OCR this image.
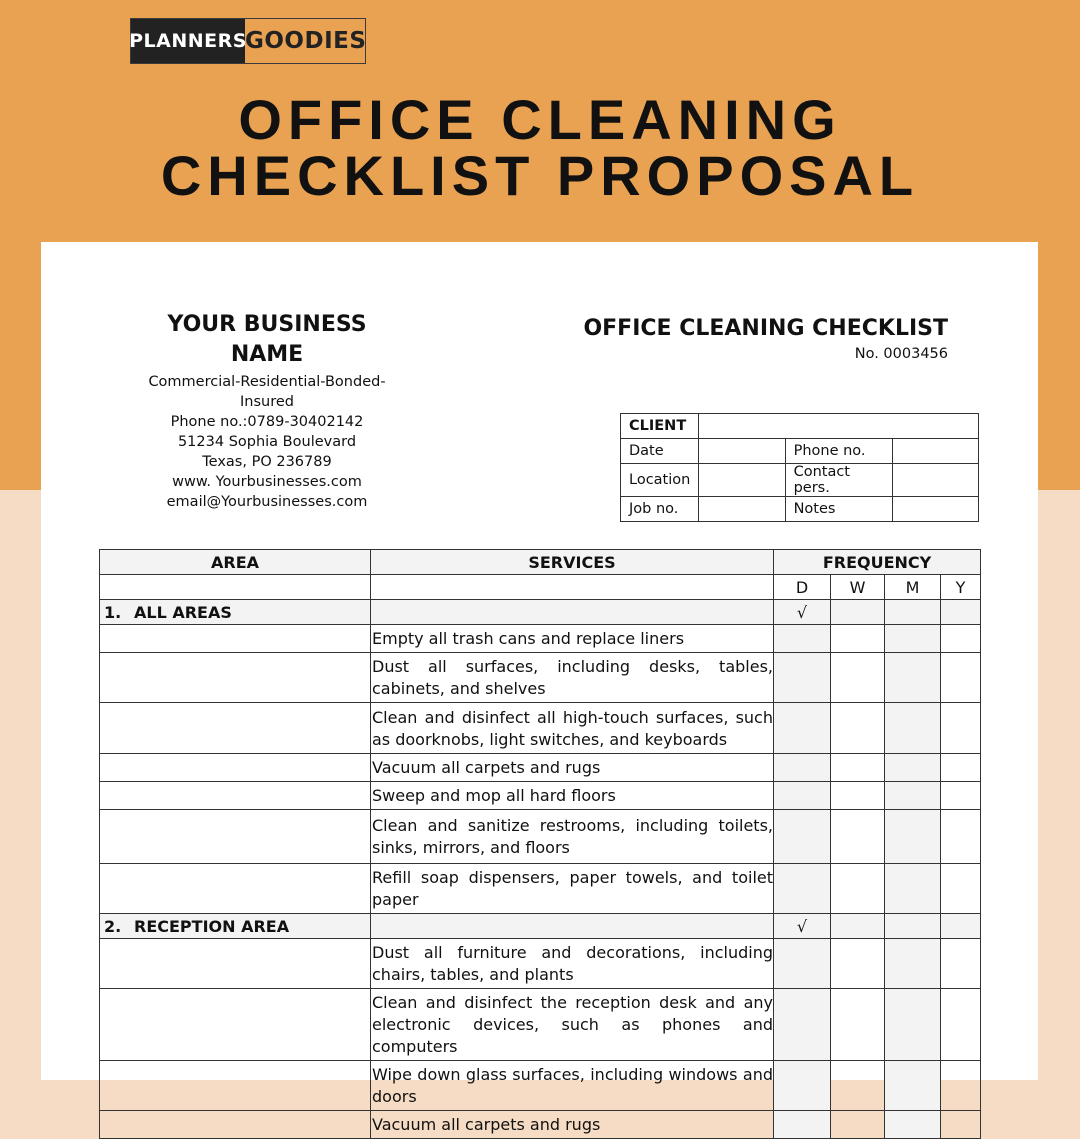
PLANNERS
GOODIES
OFFICE CLEANING
CHECKLIST PROPOSAL
YOUR BUSINESS NAME
Commercial-Residential-Bonded-Insured
Phone no.:0789-30402142
51234 Sophia Boulevard
Texas, PO 236789
www. Yourbusinesses.com
email@Yourbusinesses.com
OFFICE CLEANING CHECKLIST
No. 0003456
CLIENT			
Date		Phone no.	
Location		Contact pers.	
Job no.		Notes	
AREA	SERVICES	FREQUENCY			
		D	W	M	Y
1. ALL AREAS		√			
	Empty all trash cans and replace liners				
	Dust all surfaces, including desks, tables, cabinets, and shelves				
	Clean and disinfect all high-touch surfaces, such as doorknobs, light switches, and keyboards				
	Vacuum all carpets and rugs				
	Sweep and mop all hard floors				
	Clean and sanitize restrooms, including toilets, sinks, mirrors, and floors				
	Refill soap dispensers, paper towels, and toilet paper				
2. RECEPTION AREA		√			
	Dust all furniture and decorations, including chairs, tables, and plants				
	Clean and disinfect the reception desk and any electronic devices, such as phones and computers				
	Wipe down glass surfaces, including windows and doors				
	Vacuum all carpets and rugs				
